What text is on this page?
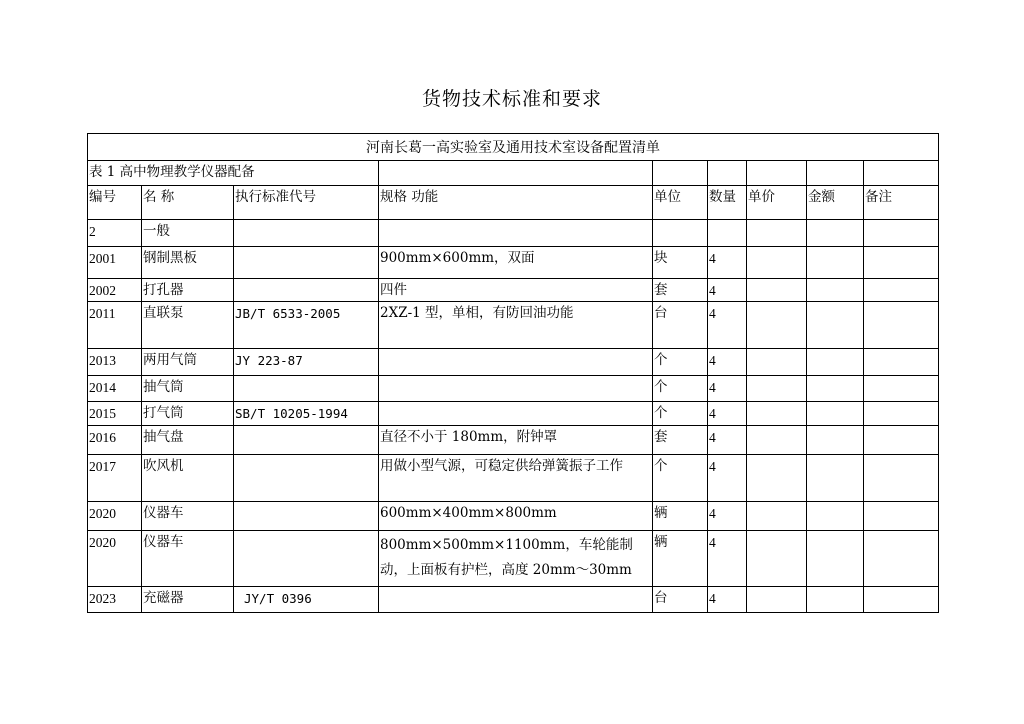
货物技术标准和要求
河南长葛一高实验室及通用技术室设备配置清单								
表 1 高中物理教学仪器配备								
编号	名 称	执行标准代号	规格 功能	单位	数量	单价	金额	备注
2	一般							
2001	钢制黑板		900mm×600mm，双面	块	4			
2002	打孔器		四件	套	4			
2011	直联泵	JB/T 6533-2005	2XZ-1 型，单相，有防回油功能	台	4			
2013	两用气筒	JY 223-87		个	4			
2014	抽气筒			个	4			
2015	打气筒	SB/T 10205-1994		个	4			
2016	抽气盘		直径不小于 180mm，附钟罩	套	4			
2017	吹风机		用做小型气源，可稳定供给弹簧振子工作	个	4			
2020	仪器车		600mm×400mm×800mm	辆	4			
2020	仪器车		800mm×500mm×1100mm，车轮能制动，上面板有护栏，高度 20mm～30mm	辆	4			
2023	充磁器	JY/T 0396		台	4			
